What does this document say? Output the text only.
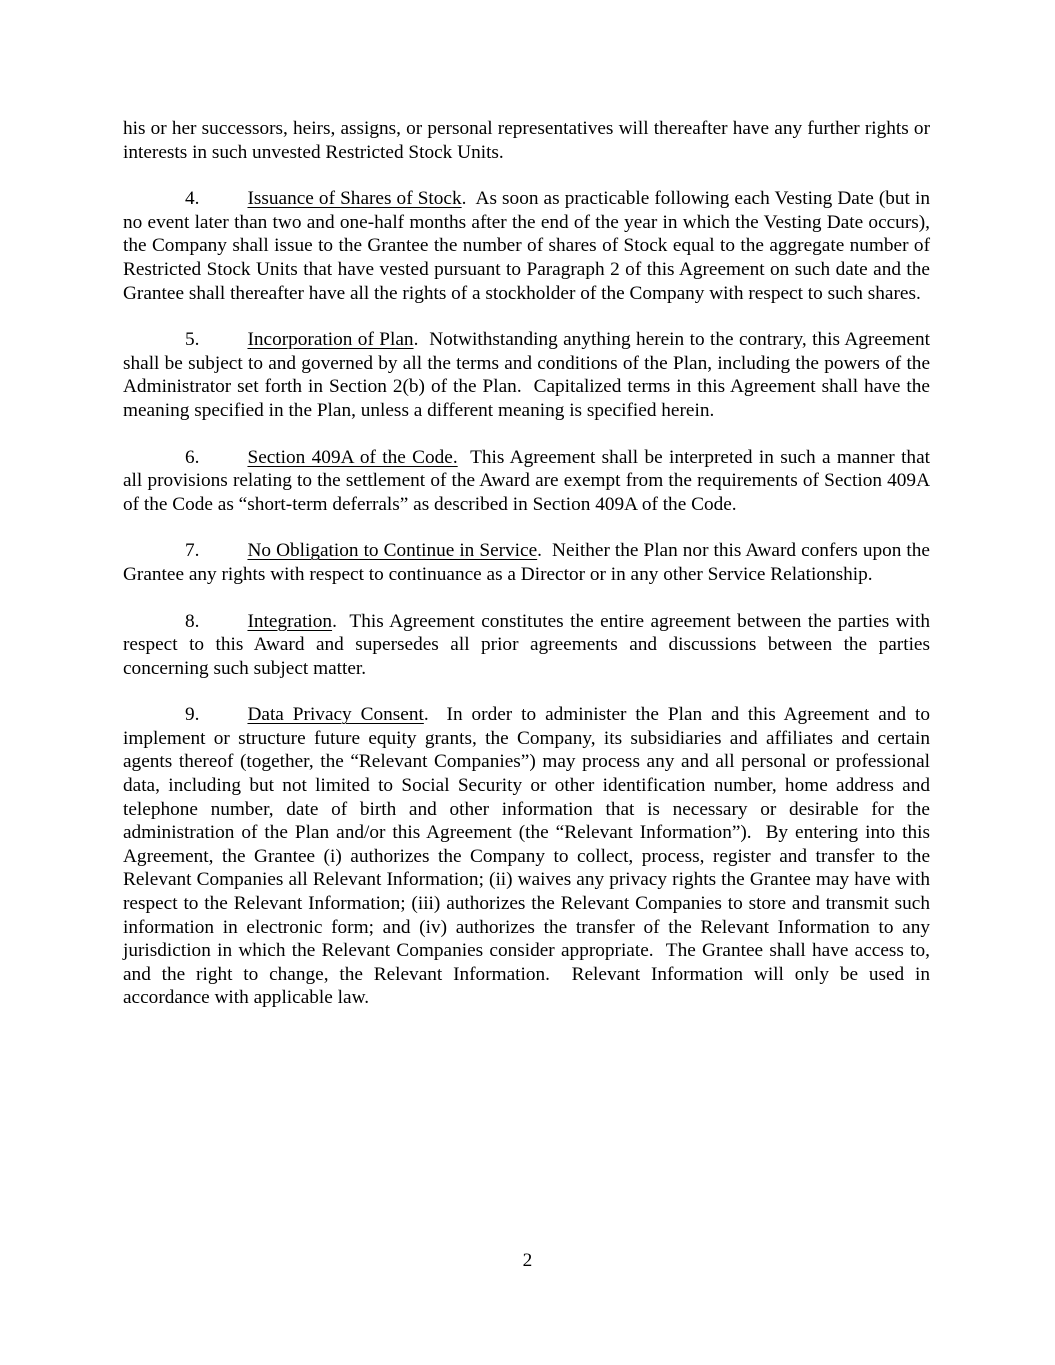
his or her successors, heirs, assigns, or personal representatives will thereafter have any further rights or interests in such unvested Restricted Stock Units.

4. Issuance of Shares of Stock.  As soon as practicable following each Vesting Date (but in no event later than two and one-half months after the end of the year in which the Vesting Date occurs), the Company shall issue to the Grantee the number of shares of Stock equal to the aggregate number of Restricted Stock Units that have vested pursuant to Paragraph 2 of this Agreement on such date and the Grantee shall thereafter have all the rights of a stockholder of the Company with respect to such shares.

5. Incorporation of Plan.  Notwithstanding anything herein to the contrary, this Agreement shall be subject to and governed by all the terms and conditions of the Plan, including the powers of the Administrator set forth in Section 2(b) of the Plan.  Capitalized terms in this Agreement shall have the meaning specified in the Plan, unless a different meaning is specified herein.

6. Section 409A of the Code.  This Agreement shall be interpreted in such a manner that all provisions relating to the settlement of the Award are exempt from the requirements of Section 409A of the Code as “short-term deferrals” as described in Section 409A of the Code.

7. No Obligation to Continue in Service.  Neither the Plan nor this Award confers upon the Grantee any rights with respect to continuance as a Director or in any other Service Relationship.

8. Integration.  This Agreement constitutes the entire agreement between the parties with respect to this Award and supersedes all prior agreements and discussions between the parties concerning such subject matter.

9. Data Privacy Consent.  In order to administer the Plan and this Agreement and to implement or structure future equity grants, the Company, its subsidiaries and affiliates and certain agents thereof (together, the “Relevant Companies”) may process any and all personal or professional data, including but not limited to Social Security or other identification number, home address and telephone number, date of birth and other information that is necessary or desirable for the administration of the Plan and/or this Agreement (the “Relevant Information”).  By entering into this Agreement, the Grantee (i) authorizes the Company to collect, process, register and transfer to the Relevant Companies all Relevant Information; (ii) waives any privacy rights the Grantee may have with respect to the Relevant Information; (iii) authorizes the Relevant Companies to store and transmit such information in electronic form; and (iv) authorizes the transfer of the Relevant Information to any jurisdiction in which the Relevant Companies consider appropriate.  The Grantee shall have access to, and the right to change, the Relevant Information.  Relevant Information will only be used in accordance with applicable law.

2
